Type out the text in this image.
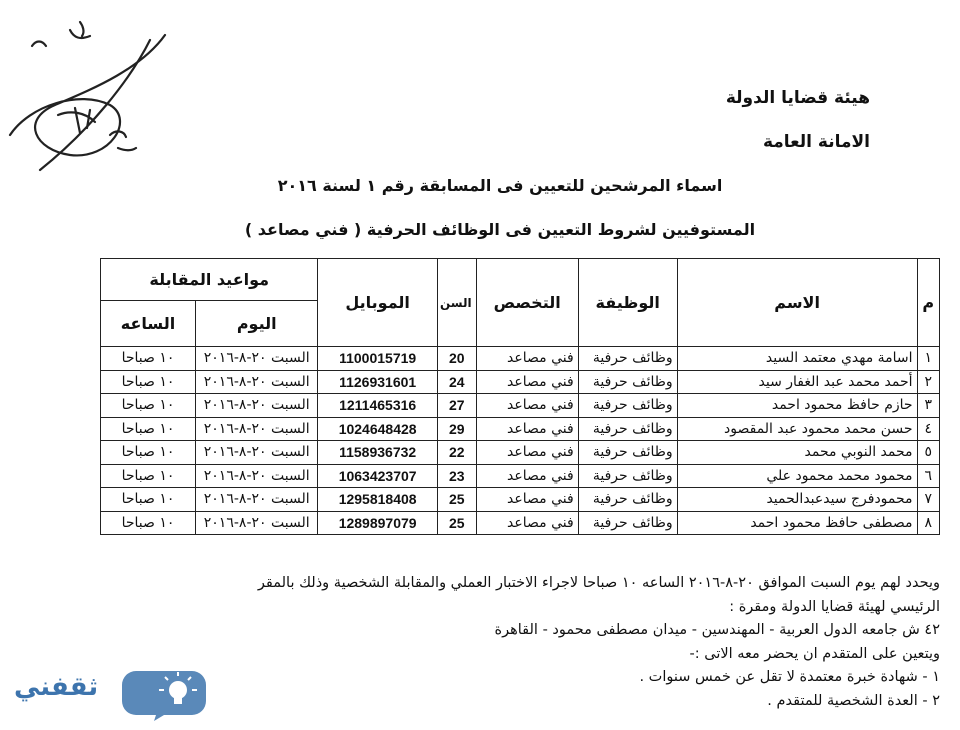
هيئة قضايا الدولة
الامانة العامة
اسماء المرشحين للتعيين فى المسابقة رقم ١ لسنة ٢٠١٦
المستوفيين لشروط التعيين فى الوظائف الحرفية ( فني مصاعد )
م	الاسم	الوظيفة	التخصص	السن	الموبايل	مواعيد المقابلة	
						اليوم	الساعه
١	اسامة مهدي معتمد السيد	وظائف حرفية	فني مصاعد	20	1100015719	السبت ٢٠-٨-٢٠١٦	١٠ صباحا
٢	أحمد محمد عبد الغفار سيد	وظائف حرفية	فني مصاعد	24	1126931601	السبت ٢٠-٨-٢٠١٦	١٠ صباحا
٣	حازم حافظ محمود احمد	وظائف حرفية	فني مصاعد	27	1211465316	السبت ٢٠-٨-٢٠١٦	١٠ صباحا
٤	حسن محمد محمود عبد المقصود	وظائف حرفية	فني مصاعد	29	1024648428	السبت ٢٠-٨-٢٠١٦	١٠ صباحا
٥	محمد النوبي محمد	وظائف حرفية	فني مصاعد	22	1158936732	السبت ٢٠-٨-٢٠١٦	١٠ صباحا
٦	محمود محمد محمود علي	وظائف حرفية	فني مصاعد	23	1063423707	السبت ٢٠-٨-٢٠١٦	١٠ صباحا
٧	محمودفرج سيدعبدالحميد	وظائف حرفية	فني مصاعد	25	1295818408	السبت ٢٠-٨-٢٠١٦	١٠ صباحا
٨	مصطفى حافظ محمود احمد	وظائف حرفية	فني مصاعد	25	1289897079	السبت ٢٠-٨-٢٠١٦	١٠ صباحا
ويحدد لهم يوم السبت الموافق ٢٠-٨-٢٠١٦ الساعه ١٠ صباحا لاجراء الاختبار العملي والمقابلة الشخصية وذلك بالمقر
الرئيسي لهيئة قضايا الدولة ومقرة :
٤٢ ش جامعه الدول العربية - المهندسين - ميدان مصطفى محمود - القاهرة
ويتعين على المتقدم ان يحضر معه الاتى :-
١ - شهادة خبرة معتمدة لا تقل عن خمس سنوات .
٢ - العدة الشخصية للمتقدم .
ثقفني
